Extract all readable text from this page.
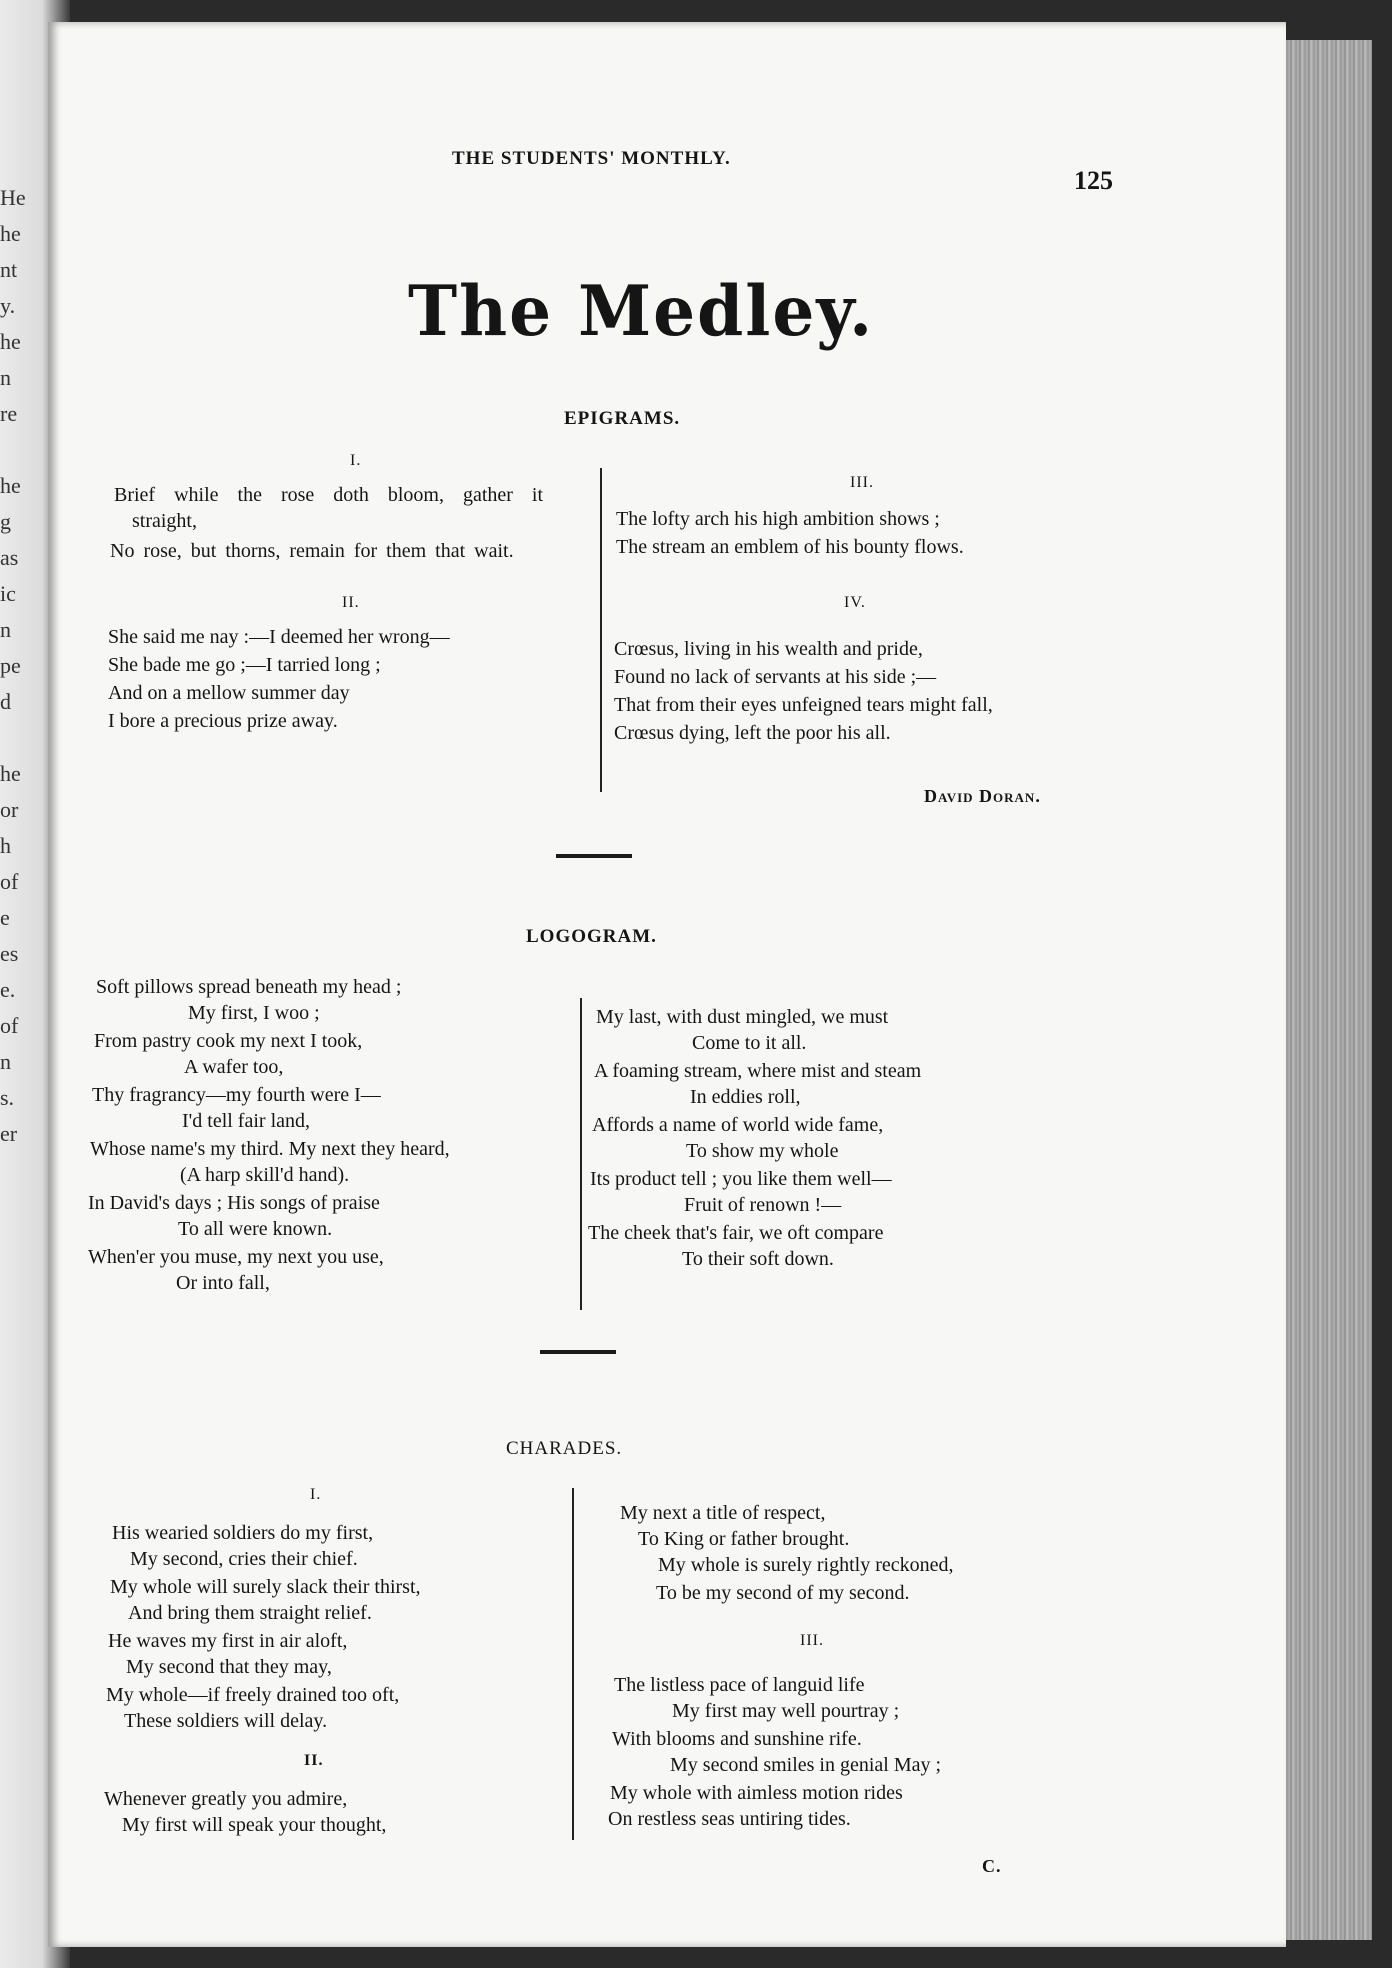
He
he
nt
y.
he
n
re
he
g
as
ic
n
pe
d
he
or
h
of
e
es
e.
of
n
s.
er
THE STUDENTS' MONTHLY.
125
The Medley.
EPIGRAMS.
I.
Brief while the rose doth bloom, gather it
straight,
No rose, but thorns, remain for them that wait.
II.
She said me nay :—I deemed her wrong—
She bade me go ;—I tarried long ;
And on a mellow summer day
I bore a precious prize away.
III.
The lofty arch his high ambition shows ;
The stream an emblem of his bounty flows.
IV.
Crœsus, living in his wealth and pride,
Found no lack of servants at his side ;—
That from their eyes unfeigned tears might fall,
Crœsus dying, left the poor his all.
David Doran.
LOGOGRAM.
Soft pillows spread beneath my head ;
My first, I woo ;
From pastry cook my next I took,
A wafer too,
Thy fragrancy—my fourth were I—
I'd tell fair land,
Whose name's my third. My next they heard,
(A harp skill'd hand).
In David's days ; His songs of praise
To all were known.
When'er you muse, my next you use,
Or into fall,
My last, with dust mingled, we must
Come to it all.
A foaming stream, where mist and steam
In eddies roll,
Affords a name of world wide fame,
To show my whole
Its product tell ; you like them well—
Fruit of renown !—
The cheek that's fair, we oft compare
To their soft down.
CHARADES.
I.
His wearied soldiers do my first,
My second, cries their chief.
My whole will surely slack their thirst,
And bring them straight relief.
He waves my first in air aloft,
My second that they may,
My whole—if freely drained too oft,
These soldiers will delay.
II.
Whenever greatly you admire,
My first will speak your thought,
My next a title of respect,
To King or father brought.
My whole is surely rightly reckoned,
To be my second of my second.
III.
The listless pace of languid life
My first may well pourtray ;
With blooms and sunshine rife.
My second smiles in genial May ;
My whole with aimless motion rides
On restless seas untiring tides.
C.
